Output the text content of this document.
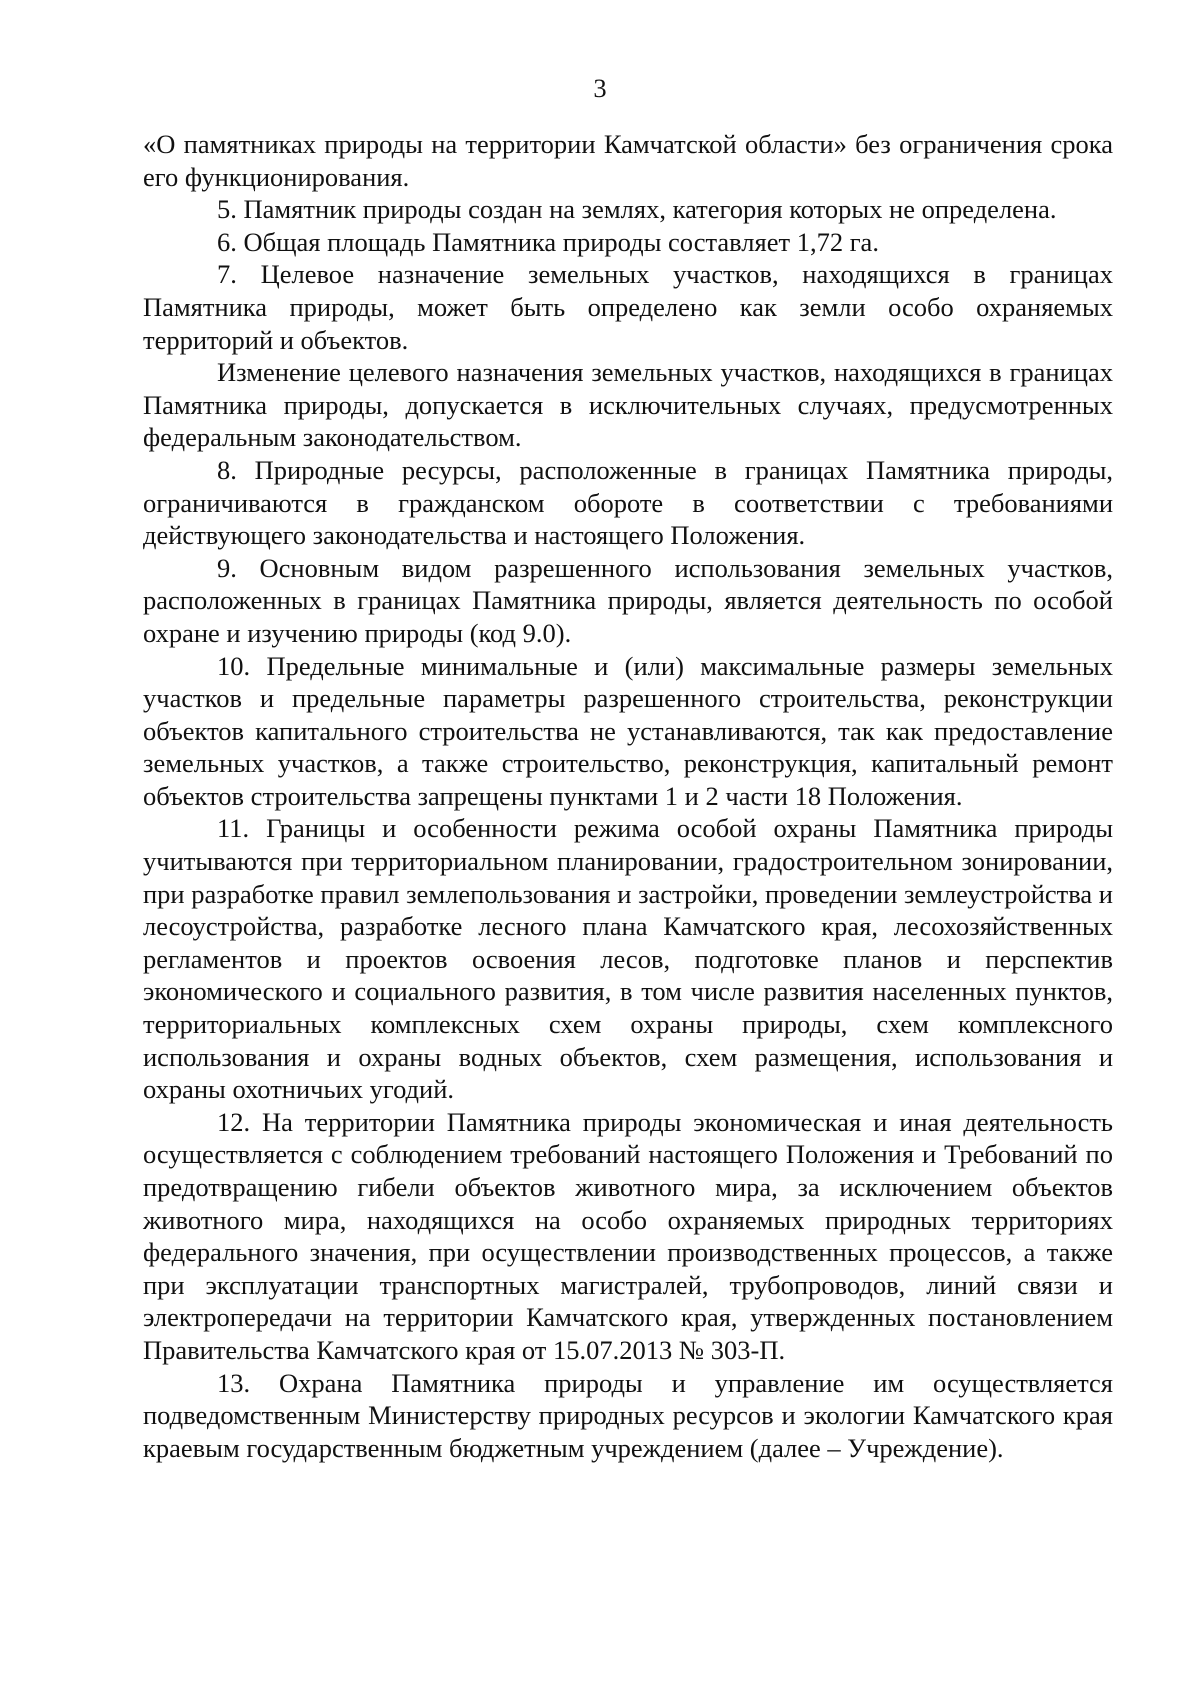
3

«О памятниках природы на территории Камчатской области» без ограничения срока его функционирования.

5. Памятник природы создан на землях, категория которых не определена.

6. Общая площадь Памятника природы составляет 1,72 га.

7. Целевое назначение земельных участков, находящихся в границах Памятника природы, может быть определено как земли особо охраняемых территорий и объектов.

Изменение целевого назначения земельных участков, находящихся в границах Памятника природы, допускается в исключительных случаях, предусмотренных федеральным законодательством.

8. Природные ресурсы, расположенные в границах Памятника природы, ограничиваются в гражданском обороте в соответствии с требованиями действующего законодательства и настоящего Положения.

9. Основным видом разрешенного использования земельных участков, расположенных в границах Памятника природы, является деятельность по особой охране и изучению природы (код 9.0).

10. Предельные минимальные и (или) максимальные размеры земельных участков и предельные параметры разрешенного строительства, реконструкции объектов капитального строительства не устанавливаются, так как предоставление земельных участков, а также строительство, реконструкция, капитальный ремонт объектов строительства запрещены пунктами 1 и 2 части 18 Положения.

11. Границы и особенности режима особой охраны Памятника природы учитываются при территориальном планировании, градостроительном зонировании, при разработке правил землепользования и застройки, проведении землеустройства и лесоустройства, разработке лесного плана Камчатского края, лесохозяйственных регламентов и проектов освоения лесов, подготовке планов и перспектив экономического и социального развития, в том числе развития населенных пунктов, территориальных комплексных схем охраны природы, схем комплексного использования и охраны водных объектов, схем размещения, использования и охраны охотничьих угодий.

12. На территории Памятника природы экономическая и иная деятельность осуществляется с соблюдением требований настоящего Положения и Требований по предотвращению гибели объектов животного мира, за исключением объектов животного мира, находящихся на особо охраняемых природных территориях федерального значения, при осуществлении производственных процессов, а также при эксплуатации транспортных магистралей, трубопроводов, линий связи и электропередачи на территории Камчатского края, утвержденных постановлением Правительства Камчатского края от 15.07.2013 № 303-П.

13. Охрана Памятника природы и управление им осуществляется подведомственным Министерству природных ресурсов и экологии Камчатского края краевым государственным бюджетным учреждением (далее – Учреждение).
